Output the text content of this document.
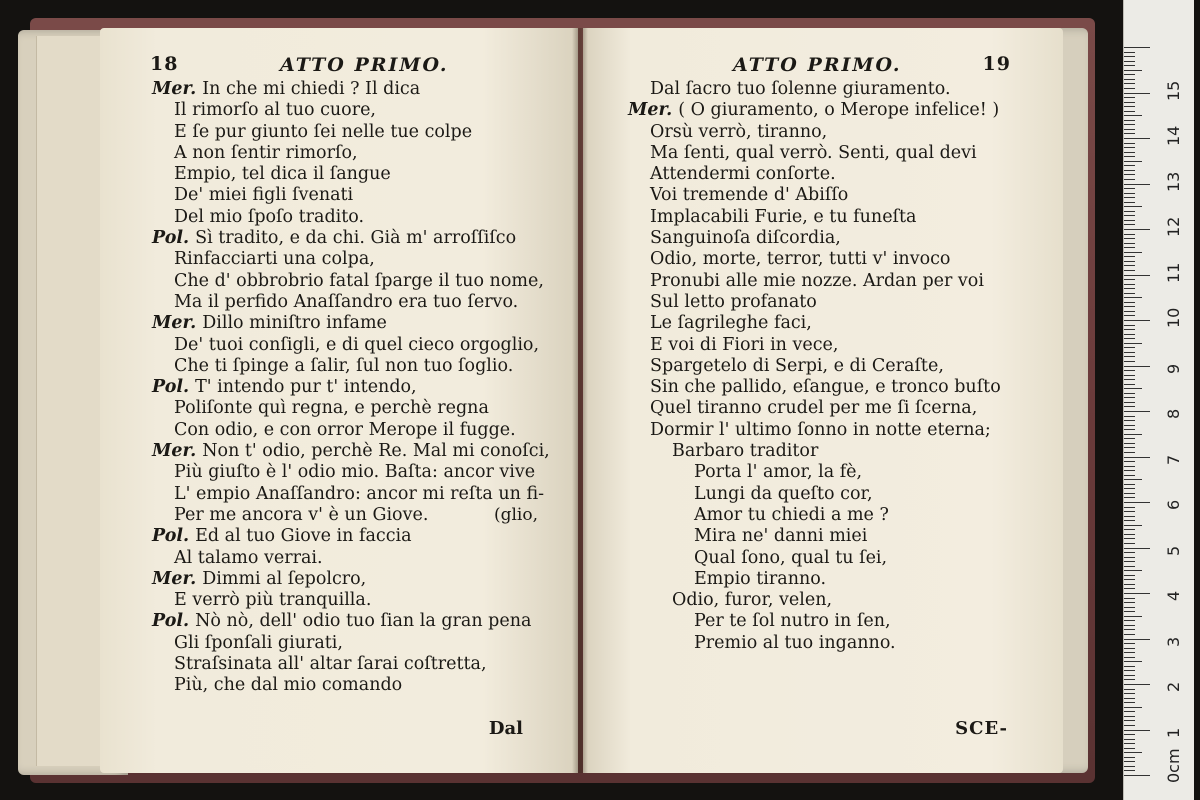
18	ATTO PRIMO.
Mer. In che mi chiedi ? Il dica
Il rimorſo al tuo cuore,
E ſe pur giunto ſei nelle tue colpe
A non ſentir rimorſo,
Empio, tel dica il ſangue
De' miei figli ſvenati
Del mio ſpoſo tradito.
Pol. Sì tradito, e da chi. Già m' arroſſiſco
Rinfacciarti una colpa,
Che d' obbrobrio fatal ſparge il tuo nome,
Ma il perfido Anaſſandro era tuo ſervo.
Mer. Dillo miniſtro infame
De' tuoi conſigli, e di quel cieco orgoglio,
Che ti ſpinge a ſalir, ſul non tuo ſoglio.
Pol. T' intendo pur t' intendo,
Poliſonte quì regna, e perchè regna
Con odio, e con orror Merope il fugge.
Mer. Non t' odio, perchè Re. Mal mi conoſci,
Più giuſto è l' odio mio. Baſta: ancor vive
L' empio Anaſſandro: ancor mi reſta un fi-
Per me ancora v' è un Giove.	(glio,
Pol. Ed al tuo Giove in faccia
Al talamo verrai.
Mer. Dimmi al ſepolcro,
E verrò più tranquilla.
Pol. Nò nò, dell' odio tuo ſian la gran pena
Gli ſponſali giurati,
Straſsinata all' altar ſarai coſtretta,
Più, che dal mio comando
Dal
19
ATTO PRIMO.
Dal ſacro tuo ſolenne giuramento.
Mer. ( O giuramento, o Merope infelice! )
Orsù verrò, tiranno,
Ma ſenti, qual verrò. Senti, qual devi
Attendermi conſorte.
Voi tremende d' Abiſſo
Implacabili Furie, e tu funeſta
Sanguinoſa diſcordia,
Odio, morte, terror, tutti v' invoco
Pronubi alle mie nozze. Ardan per voi
Sul letto profanato
Le ſagrileghe faci,
E voi di Fiori in vece,
Spargetelo di Serpi, e di Ceraſte,
Sin che pallido, eſangue, e tronco buſto
Quel tiranno crudel per me ſi ſcerna,
Dormir l' ultimo ſonno in notte eterna;
Barbaro traditor
Porta l' amor, la fè,
Lungi da queſto cor,
Amor tu chiedi a me ?
Mira ne' danni miei
Qual ſono, qual tu ſei,
Empio tiranno.
Odio, furor, velen,
Per te ſol nutro in ſen,
Premio al tuo inganno.
SCE-
0cm
1
2
3
4
5
6
7
8
9
10
11
12
13
14
15
